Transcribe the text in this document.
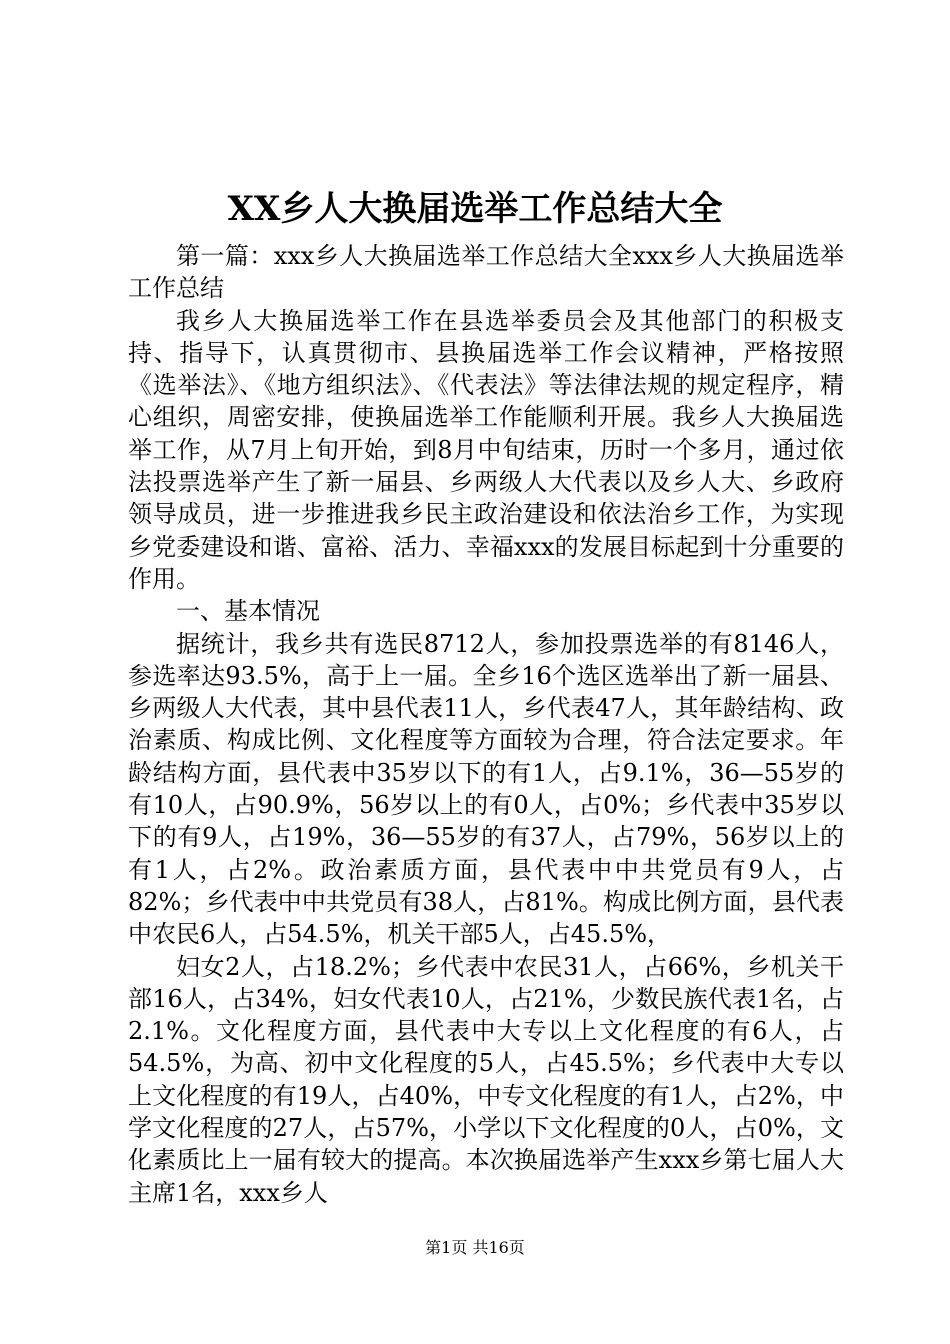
XX乡人大换届选举工作总结大全

第一篇：xxx乡人大换届选举工作总结大全xxx乡人大换届选举工作总结

我乡人大换届选举工作在县选举委员会及其他部门的积极支持、指导下，认真贯彻市、县换届选举工作会议精神，严格按照《选举法》、《地方组织法》、《代表法》等法律法规的规定程序，精心组织，周密安排，使换届选举工作能顺利开展。我乡人大换届选举工作，从7月上旬开始，到8月中旬结束，历时一个多月，通过依法投票选举产生了新一届县、乡两级人大代表以及乡人大、乡政府领导成员，进一步推进我乡民主政治建设和依法治乡工作，为实现乡党委建设和谐、富裕、活力、幸福xxx的发展目标起到十分重要的作用。

一、基本情况

据统计，我乡共有选民8712人，参加投票选举的有8146人，参选率达93.5%，高于上一届。全乡16个选区选举出了新一届县、乡两级人大代表，其中县代表11人，乡代表47人，其年龄结构、政治素质、构成比例、文化程度等方面较为合理，符合法定要求。年龄结构方面，县代表中35岁以下的有1人，占9.1%，36—55岁的有10人，占90.9%，56岁以上的有0人，占0%；乡代表中35岁以下的有9人，占19%，36—55岁的有37人，占79%，56岁以上的有1人，占2%。政治素质方面，县代表中中共党员有9人，占82%；乡代表中中共党员有38人，占81%。构成比例方面，县代表中农民6人，占54.5%，机关干部5人，占45.5%，

妇女2人，占18.2%；乡代表中农民31人，占66%，乡机关干部16人，占34%，妇女代表10人，占21%，少数民族代表1名，占2.1%。文化程度方面，县代表中大专以上文化程度的有6人，占54.5%，为高、初中文化程度的5人，占45.5%；乡代表中大专以上文化程度的有19人，占40%，中专文化程度的有1人，占2%，中学文化程度的27人，占57%，小学以下文化程度的0人，占0%，文化素质比上一届有较大的提高。本次换届选举产生xxx乡第七届人大主席1名，xxx乡人

第1页 共16页
